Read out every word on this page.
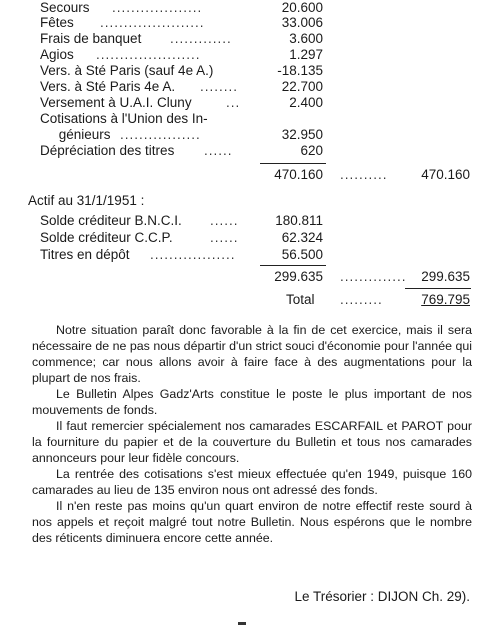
Secours ...................	20.600
Fêtes ......................	33.006
Frais de banquet .............	3.600
Agios ......................	1.297
Vers. à Sté Paris (sauf 4e A.)	-18.135
Vers. à Sté Paris 4e A. ........	22.700
Versement à U.A.I. Cluny	...	2.400
Cotisations à l'Union des In-
génieurs .................	32.950
Dépréciation des titres ......	620
470.160 .......... 470.160
Actif au 31/1/1951 :
Solde créditeur B.N.C.I. ......	180.811
Solde créditeur C.C.P.	......	62.324
Titres en dépôt ..................	56.500
299.635 .............. 299.635
Total .........	769.795

Notre situation paraît donc favorable à la fin de cet exercice, mais il sera nécessaire de ne pas nous départir d'un strict souci d'économie pour l'année qui commence; car nous allons avoir à faire face à des augmentations pour la plupart de nos frais.

Le Bulletin Alpes Gadz'Arts constitue le poste le plus important de nos mouvements de fonds.

Il faut remercier spécialement nos camarades ESCARFAIL et PAROT pour la fourniture du papier et de la couverture du Bulletin et tous nos camarades annonceurs pour leur fidèle concours.

La rentrée des cotisations s'est mieux effectuée qu'en 1949, puisque 160 camarades au lieu de 135 environ nous ont adressé des fonds.

Il n'en reste pas moins qu'un quart environ de notre effectif reste sourd à nos appels et reçoit malgré tout notre Bulletin. Nous espérons que le nombre des réticents diminuera encore cette année.

Le Trésorier : DIJON Ch. 29).
